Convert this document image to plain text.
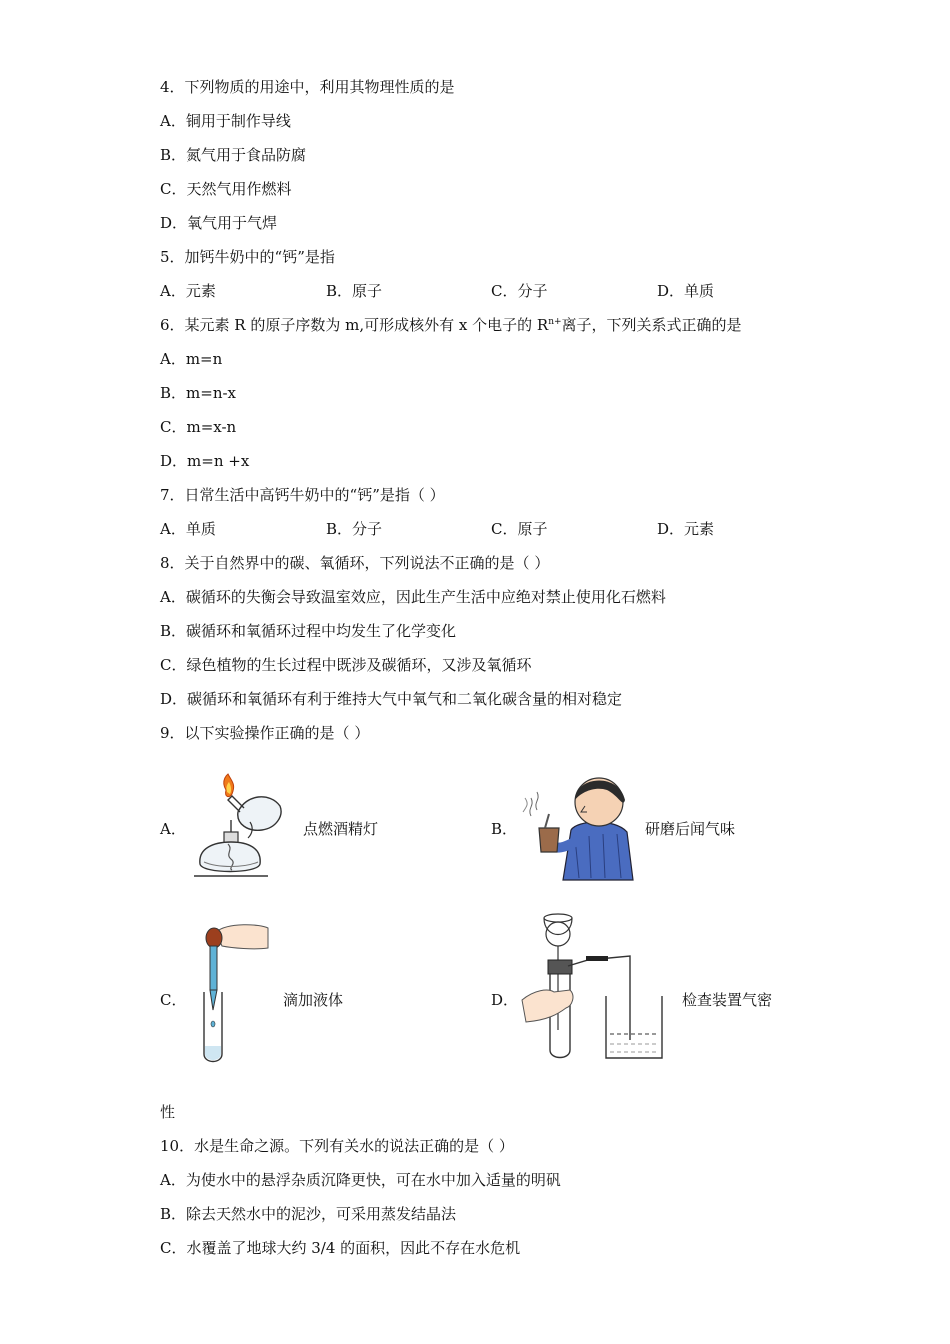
4．下列物质的用途中，利用其物理性质的是
A．铜用于制作导线
B．氮气用于食品防腐
C．天然气用作燃料
D．氧气用于气焊
5．加钙牛奶中的“钙”是指
A．元素	B．原子	C．分子	D．单质
6．某元素 R 的原子序数为 m,可形成核外有 x 个电子的 $R^{n+}$离子，下列关系式正确的是
A．m=n
B．m=n-x
C．m=x-n
D．m=n +x
7．日常生活中高钙牛奶中的“钙”是指（ ）
A．单质	B．分子	C．原子	D．元素
8．关于自然界中的碳、氧循环，下列说法不正确的是（ ）
A．碳循环的失衡会导致温室效应，因此生产生活中应绝对禁止使用化石燃料
B．碳循环和氧循环过程中均发生了化学变化
C．绿色植物的生长过程中既涉及碳循环，又涉及氧循环
D．碳循环和氧循环有利于维持大气中氧气和二氧化碳含量的相对稳定
9．以下实验操作正确的是（ ）
A．	点燃酒精灯	B．	研磨后闻气味
C．	滴加液体	D．	检查装置气密
性
10．水是生命之源。下列有关水的说法正确的是（ ）
A．为使水中的悬浮杂质沉降更快，可在水中加入适量的明矾
B．除去天然水中的泥沙，可采用蒸发结晶法
C．水覆盖了地球大约 3/4 的面积，因此不存在水危机
